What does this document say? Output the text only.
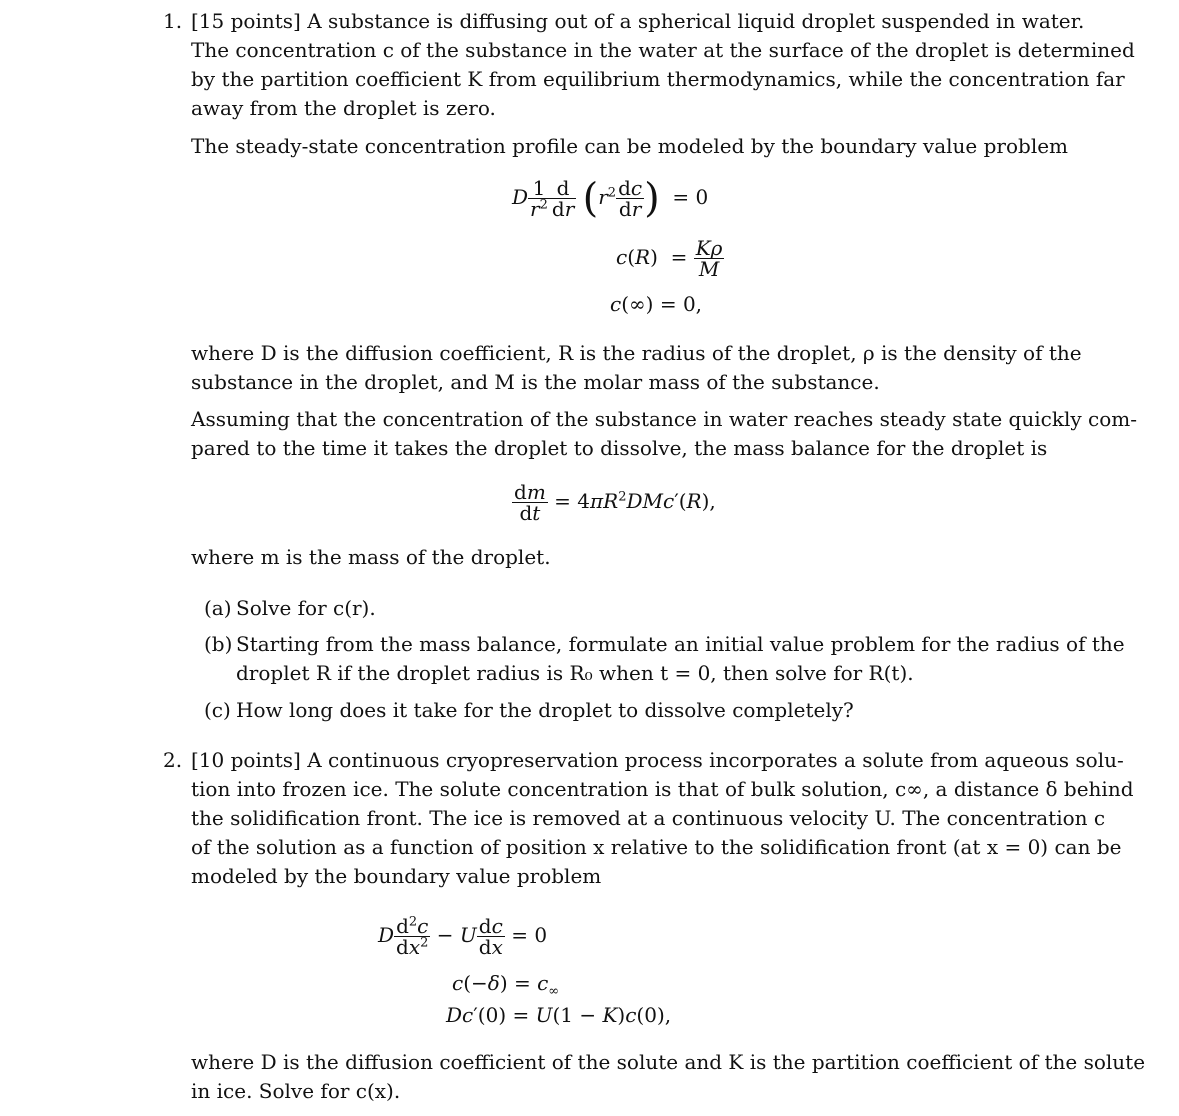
1. [15 points] A substance is diffusing out of a spherical liquid droplet suspended in water.
The concentration c of the substance in the water at the surface of the droplet is determined
by the partition coefficient K from equilibrium thermodynamics, while the concentration far
away from the droplet is zero.
The steady-state concentration profile can be modeled by the boundary value problem
D $\frac{1}{r^2} \frac{d}{dr} (r^2 \frac{dc}{dr}$ )  = 0
$c(R) = \frac{K\rho}{M}$
c(∞) = 0,
where D is the diffusion coefficient, R is the radius of the droplet, ρ is the density of the
substance in the droplet, and M is the molar mass of the substance.
Assuming that the concentration of the substance in water reaches steady state quickly com-
pared to the time it takes the droplet to dissolve, the mass balance for the droplet is
$\frac{dm}{dt} = 4\pi R^2DMc'(R)$,
where m is the mass of the droplet.
(a) Solve for c(r).
(b) Starting from the mass balance, formulate an initial value problem for the radius of the
droplet R if the droplet radius is R₀ when t = 0, then solve for R(t).
(c) How long does it take for the droplet to dissolve completely?
2. [10 points] A continuous cryopreservation process incorporates a solute from aqueous solu-
tion into frozen ice. The solute concentration is that of bulk solution, c∞, a distance δ behind
the solidification front. The ice is removed at a continuous velocity U. The concentration c
of the solution as a function of position x relative to the solidification front (at x = 0) can be
modeled by the boundary value problem
D $\frac{d^2c}{dx^2} - U \frac{dc}{dx} = 0$
$c(-\delta) = c_\infty$
Dc′(0) = U(1 − K)c(0),
where D is the diffusion coefficient of the solute and K is the partition coefficient of the solute
in ice. Solve for c(x).
